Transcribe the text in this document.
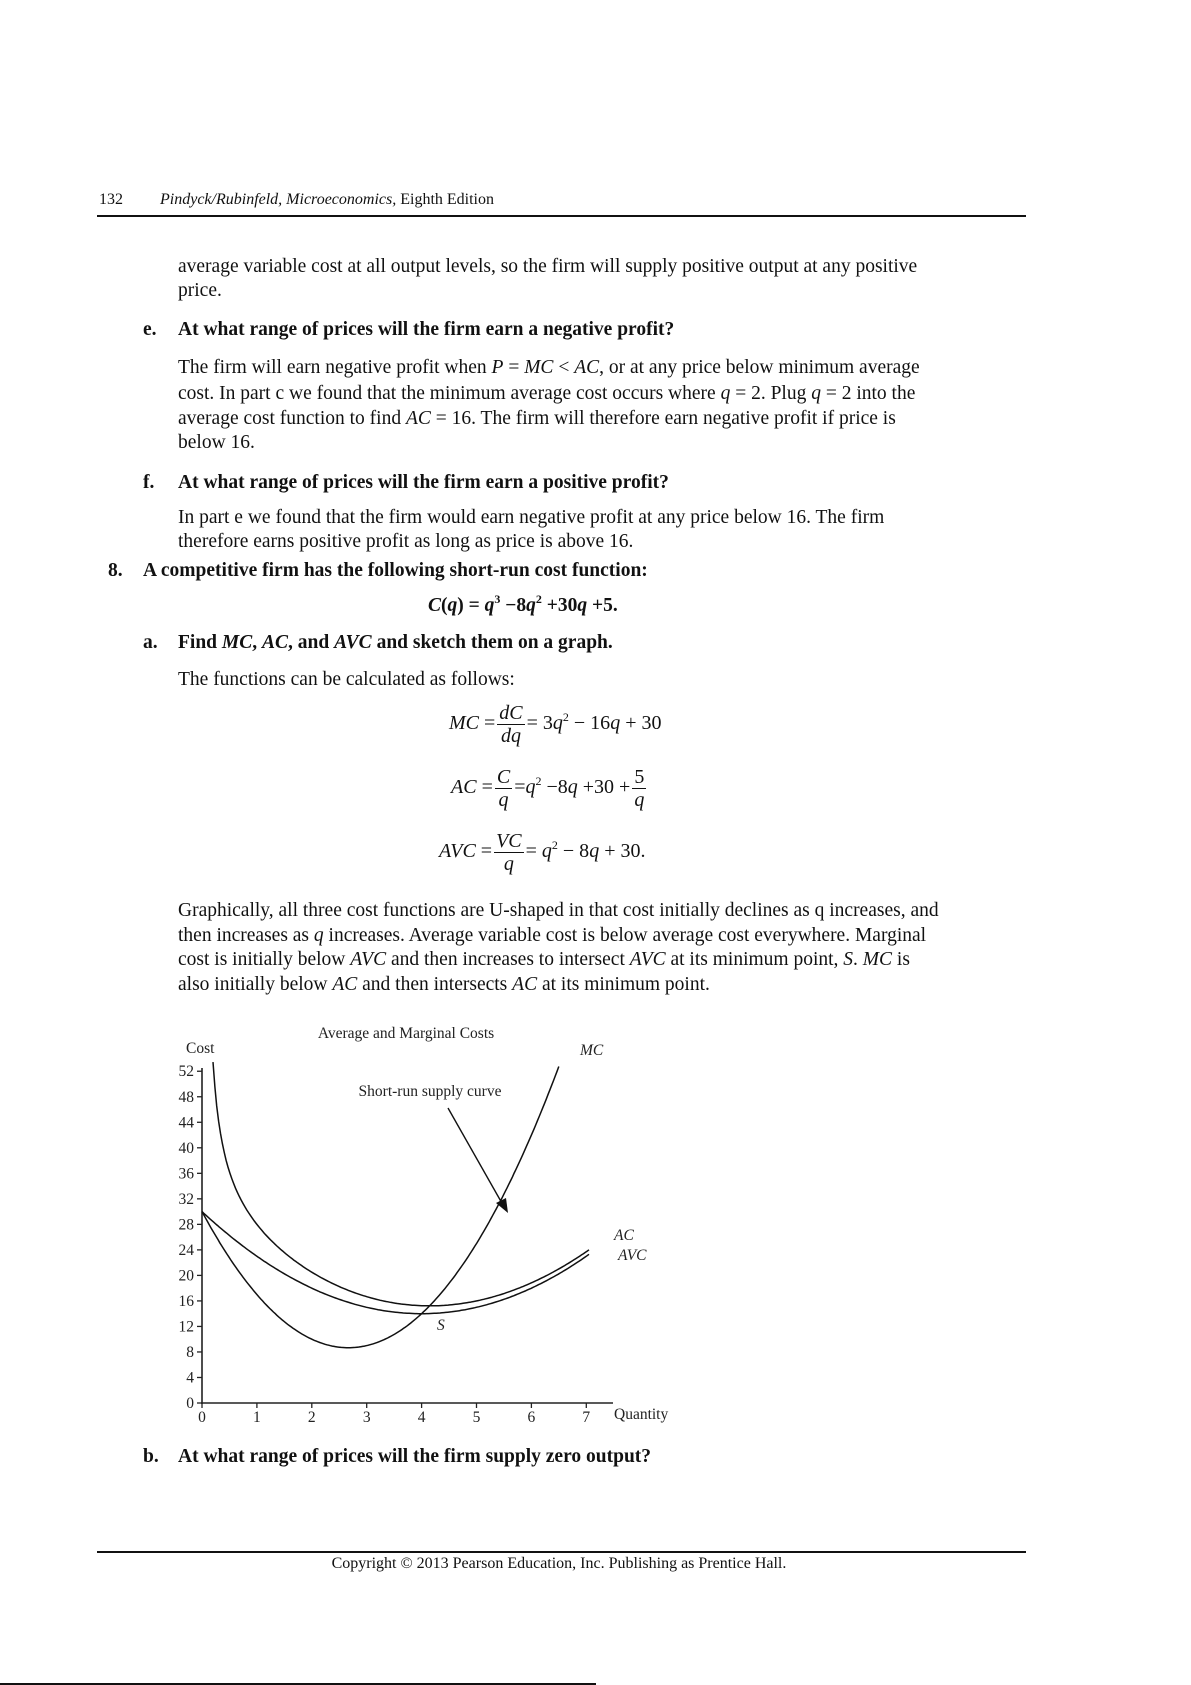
132 Pindyck/Rubinfeld, Microeconomics, Eighth Edition
average variable cost at all output levels, so the firm will supply positive output at any positive
price.
e. At what range of prices will the firm earn a negative profit?
The firm will earn negative profit when P = MC < AC, or at any price below minimum average
cost. In part c we found that the minimum average cost occurs where q = 2. Plug q = 2 into the
average cost function to find AC = 16. The firm will therefore earn negative profit if price is
below 16.
f. At what range of prices will the firm earn a positive profit?
In part e we found that the firm would earn negative profit at any price below 16. The firm
therefore earns positive profit as long as price is above 16.
8. A competitive firm has the following short-run cost function:
$C(q) = q^3 -8q^2 +30q +5$.
a. Find MC, AC, and AVC and sketch them on a graph.
The functions can be calculated as follows:
MC = $\frac{dC}{dq} = 3q^2 - 16q + 30$
AC = $\frac{C}{q} =q^2 -8q +30 + \frac{5}{q}$
AVC = $\frac{VC}{q} = q^2 - 8q + 30$.
Graphically, all three cost functions are U-shaped in that cost initially declines as q increases, and
then increases as q increases. Average variable cost is below average cost everywhere. Marginal
cost is initially below AVC and then increases to intersect AVC at its minimum point, S. MC is
also initially below AC and then intersects AC at its minimum point.
0
4
8
12
16
20
24
28
32
36
40
44
48
52
0	1	2	3	4	5	6	7
Average and Marginal Costs
Cost
Quantity
MC
AC
AVC
S
Short-run supply curve
b. At what range of prices will the firm supply zero output?
Copyright © 2013 Pearson Education, Inc. Publishing as Prentice Hall.
